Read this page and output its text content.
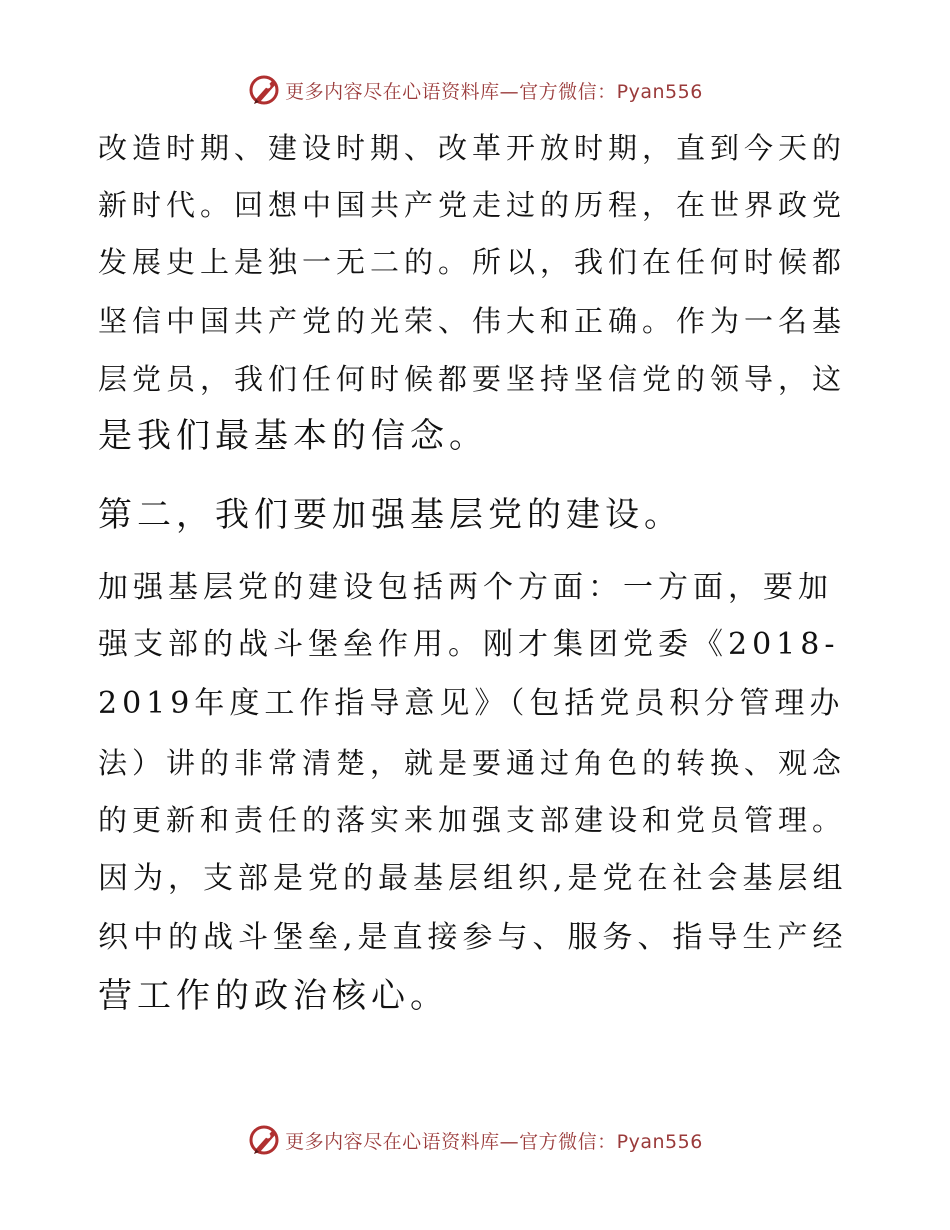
更多内容尽在心语资料库—官方微信：Pyan556
改造时期、建设时期、改革开放时期，直到今天的
新时代。回想中国共产党走过的历程，在世界政党
发展史上是独一无二的。所以，我们在任何时候都
坚信中国共产党的光荣、伟大和正确。作为一名基
层党员，我们任何时候都要坚持坚信党的领导，这
是我们最基本的信念。
第二，我们要加强基层党的建设。
加强基层党的建设包括两个方面：一方面，要加
强支部的战斗堡垒作用。刚才集团党委《2018-
2019年度工作指导意见》（包括党员积分管理办
法）讲的非常清楚，就是要通过角色的转换、观念
的更新和责任的落实来加强支部建设和党员管理。
因为，支部是党的最基层组织,是党在社会基层组
织中的战斗堡垒,是直接参与、服务、指导生产经
营工作的政治核心。
更多内容尽在心语资料库—官方微信：Pyan556
